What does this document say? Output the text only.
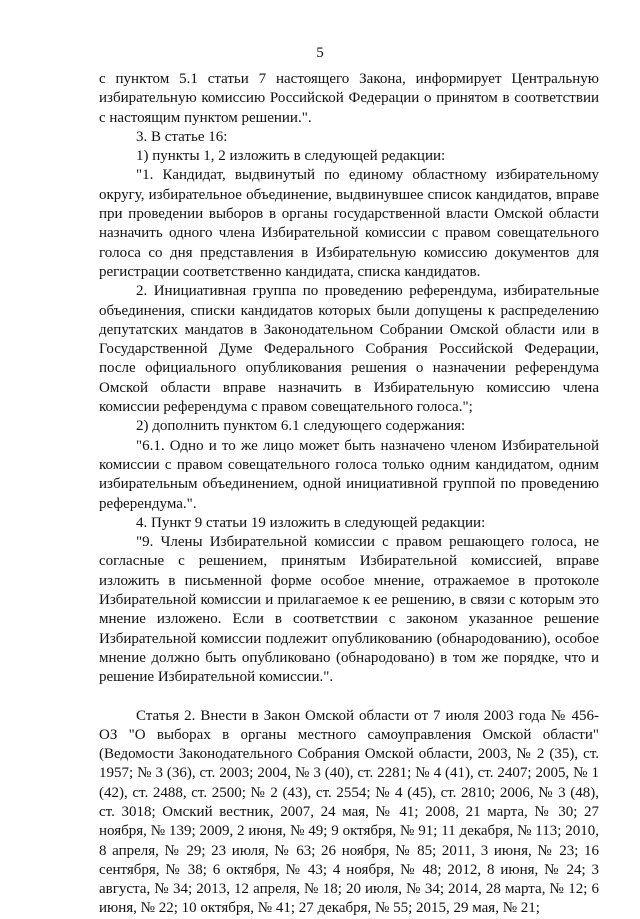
5

с пунктом 5.1 статьи 7 настоящего Закона, информирует Центральную избирательную комиссию Российской Федерации о принятом в соответствии с настоящим пунктом решении.".

3. В статье 16:

1) пункты 1, 2 изложить в следующей редакции:

"1. Кандидат, выдвинутый по единому областному избирательному округу, избирательное объединение, выдвинувшее список кандидатов, вправе при проведении выборов в органы государственной власти Омской области назначить одного члена Избирательной комиссии с правом совещательного голоса со дня представления в Избирательную комиссию документов для регистрации соответственно кандидата, списка кандидатов.

2. Инициативная группа по проведению референдума, избирательные объединения, списки кандидатов которых были допущены к распределению депутатских мандатов в Законодательном Собрании Омской области или в Государственной Думе Федерального Собрания Российской Федерации, после официального опубликования решения о назначении референдума Омской области вправе назначить в Избирательную комиссию члена комиссии референдума с правом совещательного голоса.";

2) дополнить пунктом 6.1 следующего содержания:

"6.1. Одно и то же лицо может быть назначено членом Избирательной комиссии с правом совещательного голоса только одним кандидатом, одним избирательным объединением, одной инициативной группой по проведению референдума.".

4. Пункт 9 статьи 19 изложить в следующей редакции:

"9. Члены Избирательной комиссии с правом решающего голоса, не согласные с решением, принятым Избирательной комиссией, вправе изложить в письменной форме особое мнение, отражаемое в протоколе Избирательной комиссии и прилагаемое к ее решению, в связи с которым это мнение изложено. Если в соответствии с законом указанное решение Избирательной комиссии подлежит опубликованию (обнародованию), особое мнение должно быть опубликовано (обнародовано) в том же порядке, что и решение Избирательной комиссии.".

Статья 2. Внести в Закон Омской области от 7 июля 2003 года № 456-ОЗ "О выборах в органы местного самоуправления Омской области" (Ведомости Законодательного Собрания Омской области, 2003, № 2 (35), ст. 1957; № 3 (36), ст. 2003; 2004, № 3 (40), ст. 2281; № 4 (41), ст. 2407; 2005, № 1 (42), ст. 2488, ст. 2500; № 2 (43), ст. 2554; № 4 (45), ст. 2810; 2006, № 3 (48), ст. 3018; Омский вестник, 2007, 24 мая, № 41; 2008, 21 марта, № 30; 27 ноября, № 139; 2009, 2 июня, № 49; 9 октября, № 91; 11 декабря, № 113; 2010, 8 апреля, № 29; 23 июля, № 63; 26 ноября, № 85; 2011, 3 июня, № 23; 16 сентября, № 38; 6 октября, № 43; 4 ноября, № 48; 2012, 8 июня, № 24; 3 августа, № 34; 2013, 12 апреля, № 18; 20 июля, № 34; 2014, 28 марта, № 12; 6 июня, № 22; 10 октября, № 41; 27 декабря, № 55; 2015, 29 мая, № 21;
